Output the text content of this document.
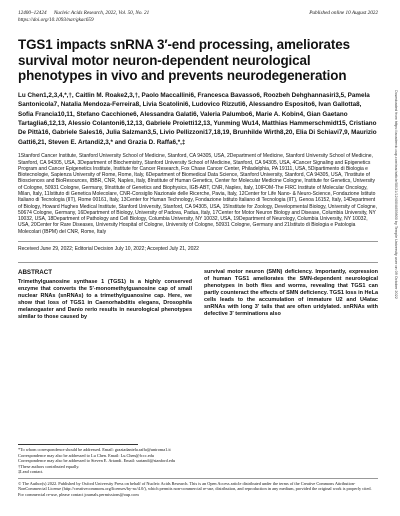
12400–12424 Nucleic Acids Research, 2022, Vol. 50, No. 21	Published online 10 August 2022
https://doi.org/10.1093/nar/gkac659
TGS1 impacts snRNA 3′-end processing, ameliorates survival motor neuron-dependent neurological phenotypes in vivo and prevents neurodegeneration
Lu Chen1,2,3,4,*,†, Caitlin M. Roake2,3,†, Paolo Maccallini6, Francesca Bavasso6, Roozbeh Dehghannasiri3,5, Pamela Santonicola7, Natalia Mendoza-Ferreira8, Livia Scatolini6, Ludovico Rizzuti6, Alessandro Esposito6, Ivan Gallotta8, Sofia Francia10,11, Stefano Cacchione6, Alessandra Galati6, Valeria Palumbo6, Marie A. Kobin4, Gian Gaetano Tartaglia6,12,13, Alessio Colantoni6,12,13, Gabriele Proietti12,13, Yunming Wu14, Matthias Hammerschmidt15, Cristiano De Pittà16, Gabriele Sales16, Julia Salzman3,5, Livio Pellizzoni17,18,19, Brunhilde Wirth8,20, Elia Di Schiavi7,9, Maurizio Gatti6,21, Steven E. Artandi2,3,* and Grazia D. Raffa6,*,‡
1Stanford Cancer Institute, Stanford University School of Medicine, Stanford, CA 94305, USA, 2Department of Medicine, Stanford University School of Medicine, Stanford, CA 94305, USA, 3Department of Biochemistry, Stanford University School of Medicine, Stanford, CA 94305, USA, 4Cancer Signaling and Epigenetics Program and Cancer Epigenetics Institute, Institute for Cancer Research, Fox Chase Cancer Center, Philadelphia, PA 19111, USA, 5Dipartimento di Biologia e Biotecnologie, Sapienza University of Rome, Rome, Italy, 6Department of Biomedical Data Science, Stanford University, Stanford, CA 94305, USA, 7Institute of Biosciences and BioResources, IBBR, CNR, Naples, Italy, 8Institute of Human Genetics, Center for Molecular Medicine Cologne, Institute for Genetics, University of Cologne, 50931 Cologne, Germany, 9Institute of Genetics and Biophysics, IGB-ABT, CNR, Naples, Italy, 10IFOM-The FIRC Institute of Molecular Oncology, Milan, Italy, 11Istituto di Genetica Molecolare, CNR-Consiglio Nazionale delle Ricerche, Pavia, Italy, 12Center for Life Nano- & Neuro-Science, Fondazione Istituto Italiano di Tecnologia (IIT), Rome 00161, Italy, 13Center for Human Technology, Fondazione Istituto Italiano di Tecnologia (IIT), Genoa 16152, Italy, 14Department of Biology, Howard Hughes Medical Institute, Stanford University, Stanford, CA 94305, USA, 15Institute for Zoology, Developmental Biology, University of Cologne, 50674 Cologne, Germany, 16Department of Biology, University of Padova, Padua, Italy, 17Center for Motor Neuron Biology and Disease, Columbia University, NY 10032, USA, 18Department of Pathology and Cell Biology, Columbia University, NY 10032, USA, 19Department of Neurology, Columbia University, NY 10032, USA, 20Center for Rare Diseases, University Hospital of Cologne, University of Cologne, 50931 Cologne, Germany and 21Istituto di Biologia e Patologia Molecolari (IBPM) del CNR, Rome, Italy
Received June 29, 2022; Editorial Decision July 10, 2022; Accepted July 21, 2022
ABSTRACT
Trimethylguanosine synthase 1 (TGS1) is a highly conserved enzyme that converts the 5′-monomethylguanosine cap of small nuclear RNAs (snRNAs) to a trimethylguanosine cap. Here, we show that loss of TGS1 in Caenorhabditis elegans, Drosophila melanogaster and Danio rerio results in neurological phenotypes similar to those caused by
survival motor neuron (SMN) deficiency. Importantly, expression of human TGS1 ameliorates the SMN-dependent neurological phenotypes in both flies and worms, revealing that TGS1 can partly counteract the effects of SMN deficiency. TGS1 loss in HeLa cells leads to the accumulation of immature U2 and U4atac snRNAs with long 3′ tails that are often uridylated. snRNAs with defective 3′ terminations also
*To whom correspondence should be addressed. Email: graziadaniela.raffa@uniroma1.it
Correspondence may also be addressed to Lu Chen. Email: Lu.Chen@fccc.edu
Correspondence may also be addressed to Steven E. Artandi. Email: sartandi@stanford.edu
†These authors contributed equally.
‡Lead contact.
© The Author(s) 2022. Published by Oxford University Press on behalf of Nucleic Acids Research. This is an Open Access article distributed under the terms of the Creative Commons Attribution-NonCommercial License (http://creativecommons.org/licenses/by-nc/4.0/), which permits non-commercial re-use, distribution, and reproduction in any medium, provided the original work is properly cited. For commercial re-use, please contact journals.permissions@oup.com
Downloaded from https://academic.oup.com/nar/article/50/21/12400/6659800 by Temple University user on 09 October 2022
